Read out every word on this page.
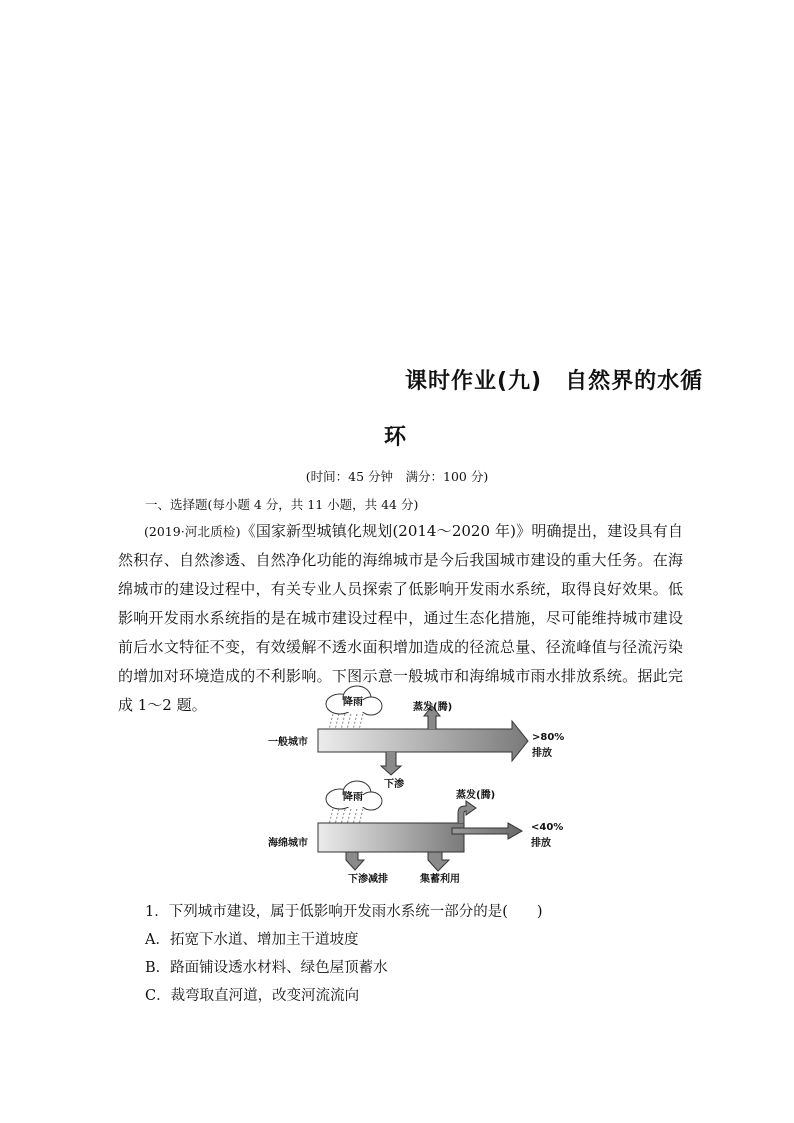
课时作业(九)　自然界的水循
环
(时间：45 分钟　满分：100 分)
一、选择题(每小题 4 分，共 11 小题，共 44 分)

(2019·河北质检)《国家新型城镇化规划(2014～2020 年)》明确提出，建设具有自然积存、自然渗透、自然净化功能的海绵城市是今后我国城市建设的重大任务。在海绵城市的建设过程中，有关专业人员探索了低影响开发雨水系统，取得良好效果。低影响开发雨水系统指的是在城市建设过程中，通过生态化措施，尽可能维持城市建设前后水文特征不变，有效缓解不透水面积增加造成的径流总量、径流峰值与径流污染的增加对环境造成的不利影响。下图示意一般城市和海绵城市雨水排放系统。据此完成 1～2 题。	降雨
一般城市
蒸发(腾)
下渗
>80%
排放
降雨
海绵城市
蒸发(腾)
下渗减排	集蓄利用
<40%
排放
1．下列城市建设，属于低影响开发雨水系统一部分的是(　　)
A．拓宽下水道、增加主干道坡度
B．路面铺设透水材料、绿色屋顶蓄水
C．裁弯取直河道，改变河流流向
